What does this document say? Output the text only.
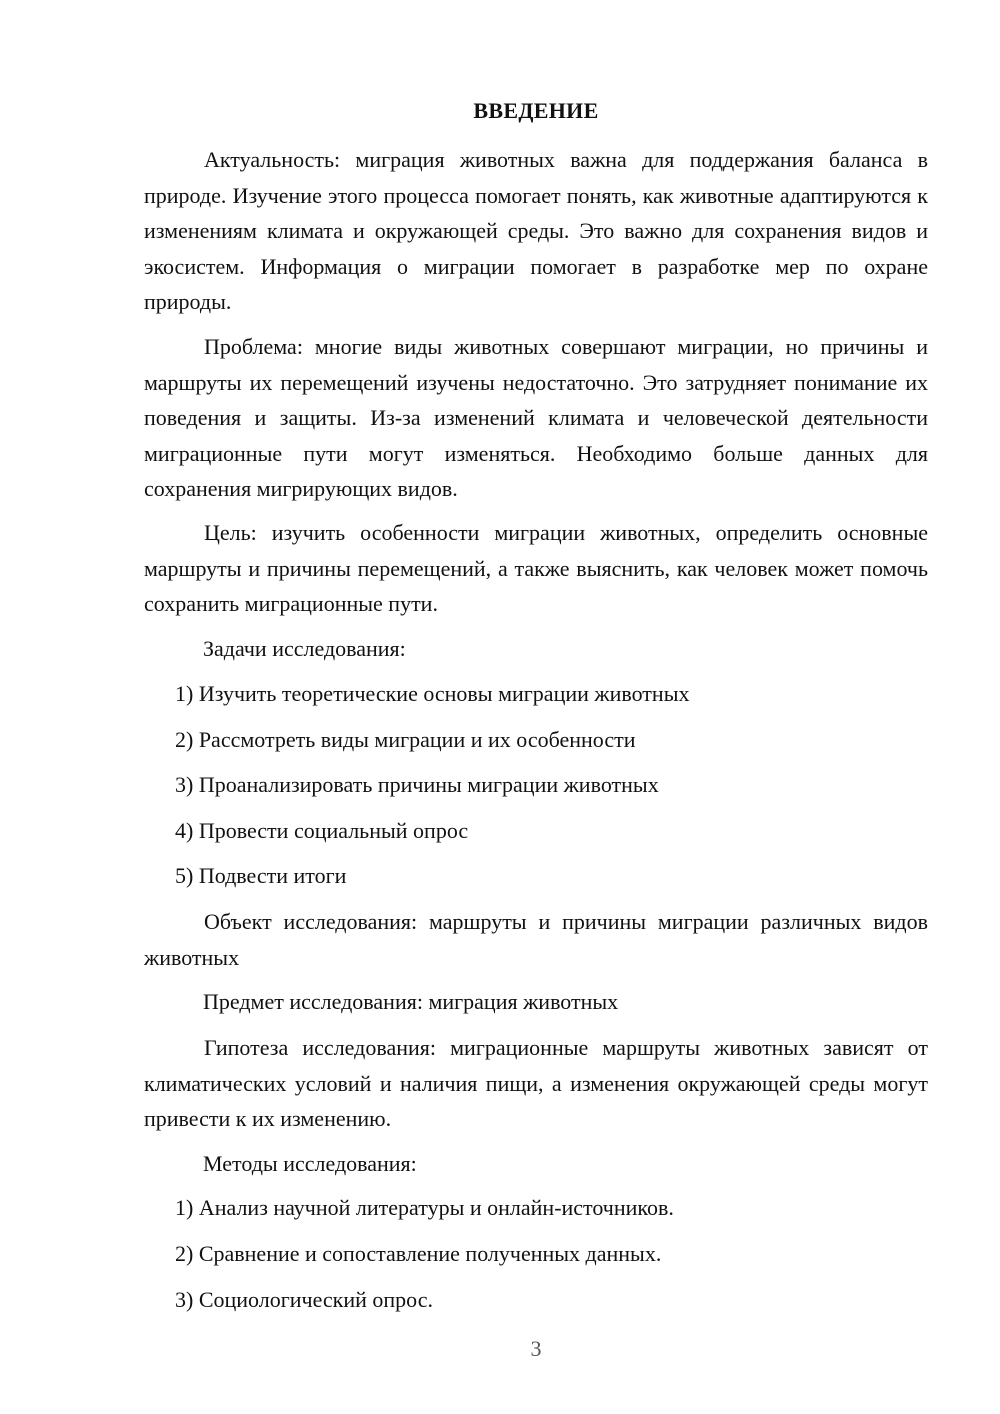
ВВЕДЕНИЕ

Актуальность: миграция животных важна для поддержания баланса в природе. Изучение этого процесса помогает понять, как животные адаптируются к изменениям климата и окружающей среды. Это важно для сохранения видов и экосистем. Информация о миграции помогает в разработке мер по охране природы.

Проблема: многие виды животных совершают миграции, но причины и маршруты их перемещений изучены недостаточно. Это затрудняет понимание их поведения и защиты. Из-за изменений климата и человеческой деятельности миграционные пути могут изменяться. Необходимо больше данных для сохранения мигрирующих видов.

Цель: изучить особенности миграции животных, определить основные маршруты и причины перемещений, а также выяснить, как человек может помочь сохранить миграционные пути.

Задачи исследования:
1) Изучить теоретические основы миграции животных
2) Рассмотреть виды миграции и их особенности
3) Проанализировать причины миграции животных
4) Провести социальный опрос
5) Подвести итоги

Объект исследования: маршруты и причины миграции различных видов животных

Предмет исследования: миграция животных

Гипотеза исследования: миграционные маршруты животных зависят от климатических условий и наличия пищи, а изменения окружающей среды могут привести к их изменению.

Методы исследования:
1) Анализ научной литературы и онлайн-источников.
2) Сравнение и сопоставление полученных данных.
3) Социологический опрос.
3
